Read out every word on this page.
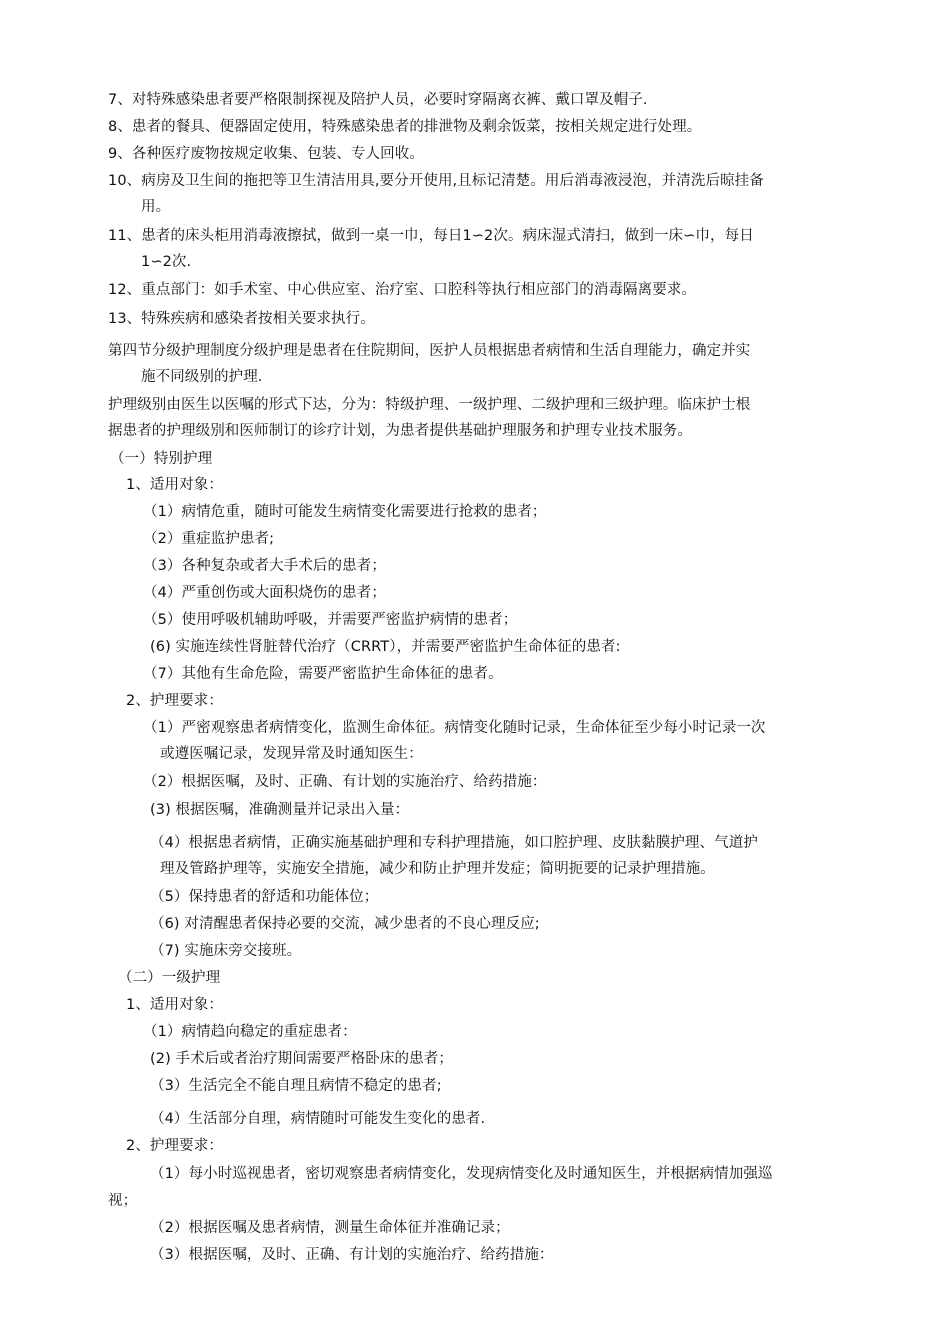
7、对特殊感染患者要严格限制探视及陪护人员，必要时穿隔离衣裤、戴口罩及帽子.
8、患者的餐具、便器固定使用，特殊感染患者的排泄物及剩余饭菜，按相关规定进行处理。
9、各种医疗废物按规定收集、包装、专人回收。
10、病房及卫生间的拖把等卫生清洁用具,要分开使用,且标记清楚。用后消毒液浸泡，并清洗后晾挂备
用。
11、患者的床头柜用消毒液擦拭，做到一桌一巾，每日1∽2次。病床湿式清扫，做到一床∽巾，每日
1∽2次.
12、重点部门：如手术室、中心供应室、治疗室、口腔科等执行相应部门的消毒隔离要求。
13、特殊疾病和感染者按相关要求执行。
第四节分级护理制度分级护理是患者在住院期间，医护人员根据患者病情和生活自理能力，确定并实
施不同级别的护理.
护理级别由医生以医嘱的形式下达，分为：特级护理、一级护理、二级护理和三级护理。临床护士根
据患者的护理级别和医师制订的诊疗计划，为患者提供基础护理服务和护理专业技术服务。
（一）特别护理
1、适用对象：
（1）病情危重，随时可能发生病情变化需要进行抢救的患者；
（2）重症监护患者;
（3）各种复杂或者大手术后的患者；
（4）严重创伤或大面积烧伤的患者；
（5）使用呼吸机辅助呼吸，并需要严密监护病情的患者；
(6) 实施连续性肾脏替代治疗（CRRT），并需要严密监护生命体征的患者:
（7）其他有生命危险，需要严密监护生命体征的患者。
2、护理要求：
（1）严密观察患者病情变化，监测生命体征。病情变化随时记录，生命体征至少每小时记录一次
或遵医嘱记录，发现异常及时通知医生：
（2）根据医嘱，及时、正确、有计划的实施治疗、给药措施：
(3) 根据医嘱，准确测量并记录出入量：
（4）根据患者病情，正确实施基础护理和专科护理措施，如口腔护理、皮肤黏膜护理、气道护
理及管路护理等，实施安全措施，减少和防止护理并发症；简明扼要的记录护理措施。
（5）保持患者的舒适和功能体位；
（6) 对清醒患者保持必要的交流，减少患者的不良心理反应;
（7) 实施床旁交接班。
（二）一级护理
1、适用对象：
（1）病情趋向稳定的重症患者：
(2) 手术后或者治疗期间需要严格卧床的患者；
（3）生活完全不能自理且病情不稳定的患者;
（4）生活部分自理，病情随时可能发生变化的患者.
2、护理要求：
（1）每小时巡视患者，密切观察患者病情变化，发现病情变化及时通知医生，并根据病情加强巡
视；
（2）根据医嘱及患者病情，测量生命体征并准确记录；
（3）根据医嘱，及时、正确、有计划的实施治疗、给药措施：
